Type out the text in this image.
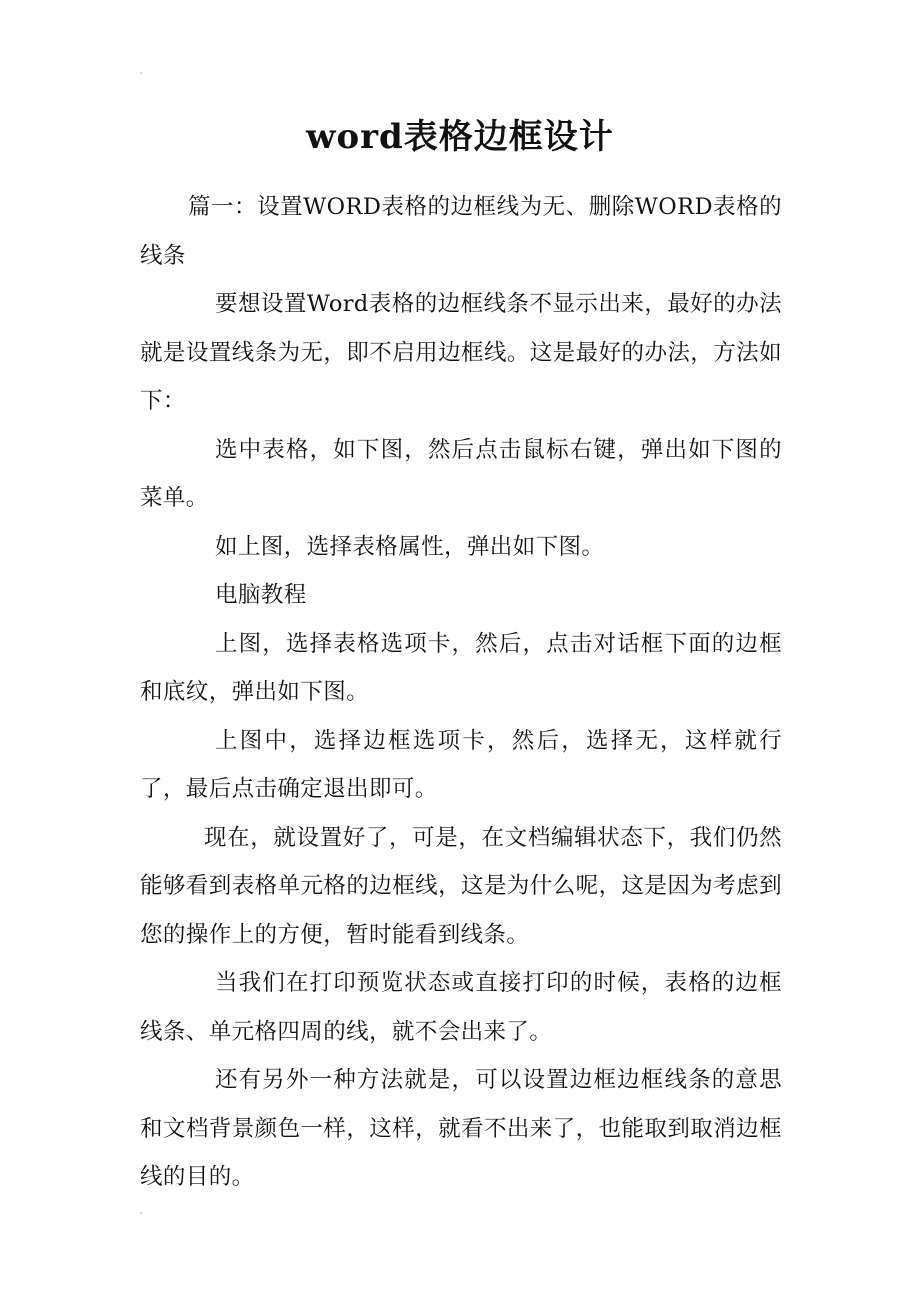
word表格边框设计

篇一：设置WORD表格的边框线为无、删除WORD表格的线条

要想设置Word表格的边框线条不显示出来，最好的办法就是设置线条为无，即不启用边框线。这是最好的办法，方法如下：

选中表格，如下图，然后点击鼠标右键，弹出如下图的菜单。

如上图，选择表格属性，弹出如下图。

电脑教程

上图，选择表格选项卡，然后，点击对话框下面的边框和底纹，弹出如下图。

上图中，选择边框选项卡，然后，选择无，这样就行了，最后点击确定退出即可。

现在，就设置好了，可是，在文档编辑状态下，我们仍然能够看到表格单元格的边框线，这是为什么呢，这是因为考虑到您的操作上的方便，暂时能看到线条。

当我们在打印预览状态或直接打印的时候，表格的边框线条、单元格四周的线，就不会出来了。

还有另外一种方法就是，可以设置边框边框线条的意思和文档背景颜色一样，这样，就看不出来了，也能取到取消边框线的目的。
